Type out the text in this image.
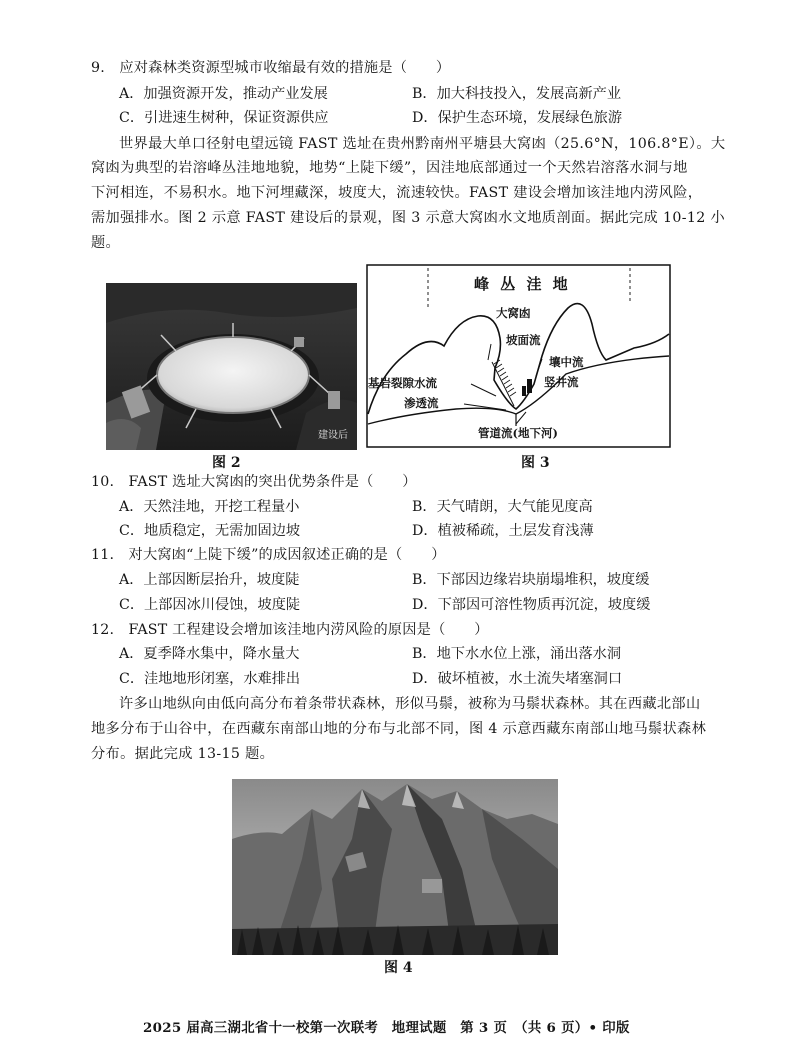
9.　应对森林类资源型城市收缩最有效的措施是（　　）
A．加强资源开发，推动产业发展	B．加大科技投入，发展高新产业
C．引进速生树种，保证资源供应	D．保护生态环境，发展绿色旅游
世界最大单口径射电望远镜 FAST 选址在贵州黔南州平塘县大窝凼（25.6°N，106.8°E）。大
窝凼为典型的岩溶峰丛洼地地貌，地势“上陡下缓”，因洼地底部通过一个天然岩溶落水洞与地
下河相连，不易积水。地下河埋藏深，坡度大，流速较快。FAST 建设会增加该洼地内涝风险，
需加强排水。图 2 示意 FAST 建设后的景观，图 3 示意大窝凼水文地质剖面。据此完成 10-12 小
题。
建设后
图 2
峰 丛 洼 地
大窝凼
坡面流
壤中流
基岩裂隙水流	竖井流
渗透流
管道流(地下河)
图 3
10.　FAST 选址大窝凼的突出优势条件是（　　）
A．天然洼地，开挖工程量小	B．天气晴朗，大气能见度高
C．地质稳定，无需加固边坡	D．植被稀疏，土层发育浅薄
11.　对大窝凼“上陡下缓”的成因叙述正确的是（　　）
A．上部因断层抬升，坡度陡	B．下部因边缘岩块崩塌堆积，坡度缓
C．上部因冰川侵蚀，坡度陡	D．下部因可溶性物质再沉淀，坡度缓
12.　FAST 工程建设会增加该洼地内涝风险的原因是（　　）
A．夏季降水集中，降水量大	B．地下水水位上涨，涌出落水洞
C．洼地地形闭塞，水难排出	D．破坏植被，水土流失堵塞洞口
许多山地纵向由低向高分布着条带状森林，形似马鬃，被称为马鬃状森林。其在西藏北部山
地多分布于山谷中，在西藏东南部山地的分布与北部不同，图 4 示意西藏东南部山地马鬃状森林
分布。据此完成 13-15 题。
图 4
2025 届高三湖北省十一校第一次联考　地理试题　第 3 页　（共 6 页）• 印版
